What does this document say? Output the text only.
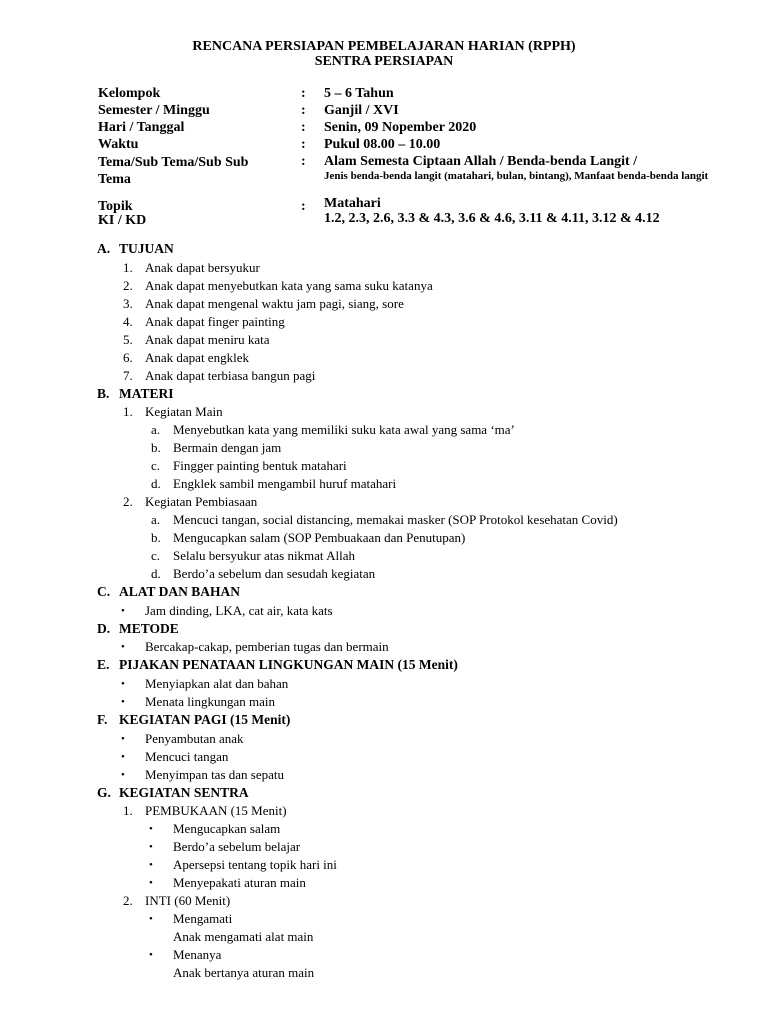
RENCANA PERSIAPAN PEMBELAJARAN HARIAN (RPPH)
SENTRA PERSIAPAN
Kelompok	: 5 – 6 Tahun
Semester / Minggu	: Ganjil / XVI
Hari / Tanggal	: Senin, 09 Nopember 2020
Waktu	: Pukul 08.00 – 10.00
Tema/Sub Tema/Sub Sub Tema
: Alam Semesta Ciptaan Allah / Benda-benda Langit /
Jenis benda-benda langit (matahari, bulan, bintang), Manfaat benda-benda langit
Topik	: Matahari
KI / KD	1.2, 2.3, 2.6, 3.3 & 4.3, 3.6 & 4.6, 3.11 & 4.11, 3.12 & 4.12
A. TUJUAN
1. Anak dapat bersyukur
2. Anak dapat menyebutkan kata yang sama suku katanya
3. Anak dapat mengenal waktu jam pagi, siang, sore
4. Anak dapat finger painting
5. Anak dapat meniru kata
6. Anak dapat engklek
7. Anak dapat terbiasa bangun pagi
B. MATERI
1. Kegiatan Main
a. Menyebutkan kata yang memiliki suku kata awal yang sama ‘ma’
b. Bermain dengan jam
c. Fingger painting bentuk matahari
d. Engklek sambil mengambil huruf matahari
2. Kegiatan Pembiasaan
a. Mencuci tangan, social distancing, memakai masker (SOP Protokol kesehatan Covid)
b. Mengucapkan salam (SOP Pembuakaan dan Penutupan)
c. Selalu bersyukur atas nikmat Allah
d. Berdo’a sebelum dan sesudah kegiatan
C. ALAT DAN BAHAN
• Jam dinding, LKA, cat air, kata kats
D. METODE
• Bercakap-cakap, pemberian tugas dan bermain
E. PIJAKAN PENATAAN LINGKUNGAN MAIN (15 Menit)
• Menyiapkan alat dan bahan
• Menata lingkungan main
F. KEGIATAN PAGI (15 Menit)
• Penyambutan anak
• Mencuci tangan
• Menyimpan tas dan sepatu
G. KEGIATAN SENTRA
1. PEMBUKAAN (15 Menit)
• Mengucapkan salam
• Berdo’a sebelum belajar
• Apersepsi tentang topik hari ini
• Menyepakati aturan main
2. INTI (60 Menit)
• Mengamati
Anak mengamati alat main
• Menanya
Anak bertanya aturan main
